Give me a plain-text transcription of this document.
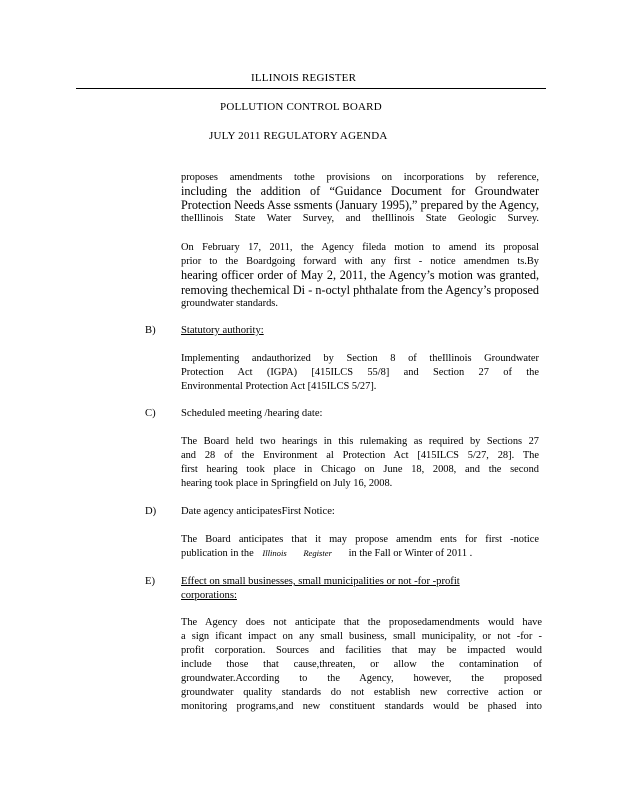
ILLINOIS REGISTER
POLLUTION CONTROL BOARD
JULY 2011 REGULATORY AGENDA
proposes amendments tothe provisions on incorporations by reference,
including the addition of “Guidance Document for Groundwater
Protection Needs Asse ssments (January 1995),” prepared by the Agency,
theIllinois State Water Survey, and theIllinois State Geologic Survey.
On February 17, 2011, the Agency fileda motion to amend its proposal
prior to the Boardgoing forward with any first - notice amendmen ts.By
hearing officer order of May 2, 2011, the Agency’s motion was granted,
removing thechemical Di - n-octyl phthalate from the Agency’s proposed
groundwater standards.
B) Statutory authority:
Implementing andauthorized by Section 8 of theIllinois Groundwater
Protection Act (IGPA) [415ILCS 55/8] and Section 27 of the
Environmental Protection Act [415ILCS 5/27].
C) Scheduled meeting /hearing date:
The Board held two hearings in this rulemaking as required by Sections 27
and 28 of the Environment al Protection Act [415ILCS 5/27, 28]. The
first hearing took place in Chicago on June 18, 2008, and the second
hearing took place in Springfield on July 16, 2008.
D) Date agency anticipatesFirst Notice:
The Board anticipates that it may propose amendm ents for first -notice
publication in the Illinois Register in the Fall or Winter of 2011 .
E) Effect on small businesses, small municipalities or not -for -profit
corporations:
The Agency does not anticipate that the proposedamendments would have
a sign ificant impact on any small business, small municipality, or not -for -
profit corporation. Sources and facilities that may be impacted would
include those that cause,threaten, or allow the contamination of
groundwater.According to the Agency, however, the proposed
groundwater quality standards do not establish new corrective action or
monitoring programs,and new constituent standards would be phased into
